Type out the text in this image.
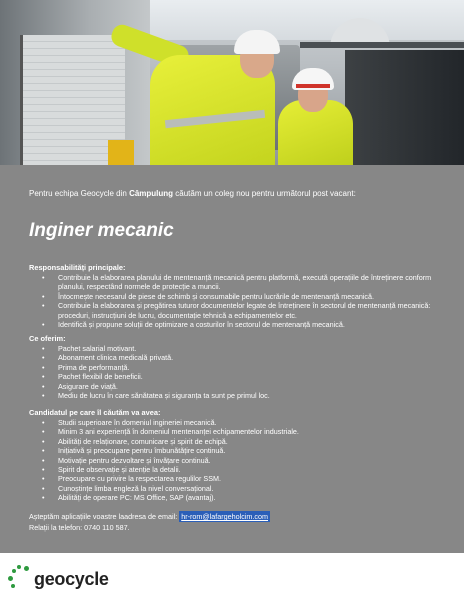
Pentru echipa Geocycle din Câmpulung căutăm un coleg nou pentru următorul post vacant:

Inginer mecanic
Responsabilități principale:
• Contribuie la elaborarea planului de mentenanță mecanică pentru platformă, execută operațiile de întreținere conform planului, respectând normele de protecție a muncii.
• Întocmește necesarul de piese de schimb și consumabile pentru lucrările de mentenanță mecanică.
• Contribuie la elaborarea și pregătirea tuturor documentelor legate de întreținere în sectorul de mentenanță mecanică: proceduri, instrucțiuni de lucru, documentație tehnică a echipamentelor etc.
• Identifică și propune soluții de optimizare a costurilor în sectorul de mentenanță mecanică.
Ce oferim:
• Pachet salarial motivant.
• Abonament clinica medicală privată.
• Prima de performanță.
• Pachet flexibil de beneficii.
• Asigurare de viață.
• Mediu de lucru în care sănătatea și siguranța ta sunt pe primul loc.
Candidatul pe care îl căutăm va avea:
• Studii superioare în domeniul ingineriei mecanică.
• Minim 3 ani experiență în domeniul mentenanței echipamentelor industriale.
• Abilități de relaționare, comunicare și spirit de echipă.
• Inițiativă și preocupare pentru îmbunătățire continuă.
• Motivație pentru dezvoltare și învățare continuă.
• Spirit de observație și atenție la detalii.
• Preocupare cu privire la respectarea regulilor SSM.
• Cunoștințe limba engleză la nivel conversațional.
• Abilități de operare PC: MS Office, SAP (avantaj).
Așteptăm aplicațiile voastre laadresa de email: hr-rom@lafargeholcim.com
Relații la telefon: 0740 110 587.
geocycle
